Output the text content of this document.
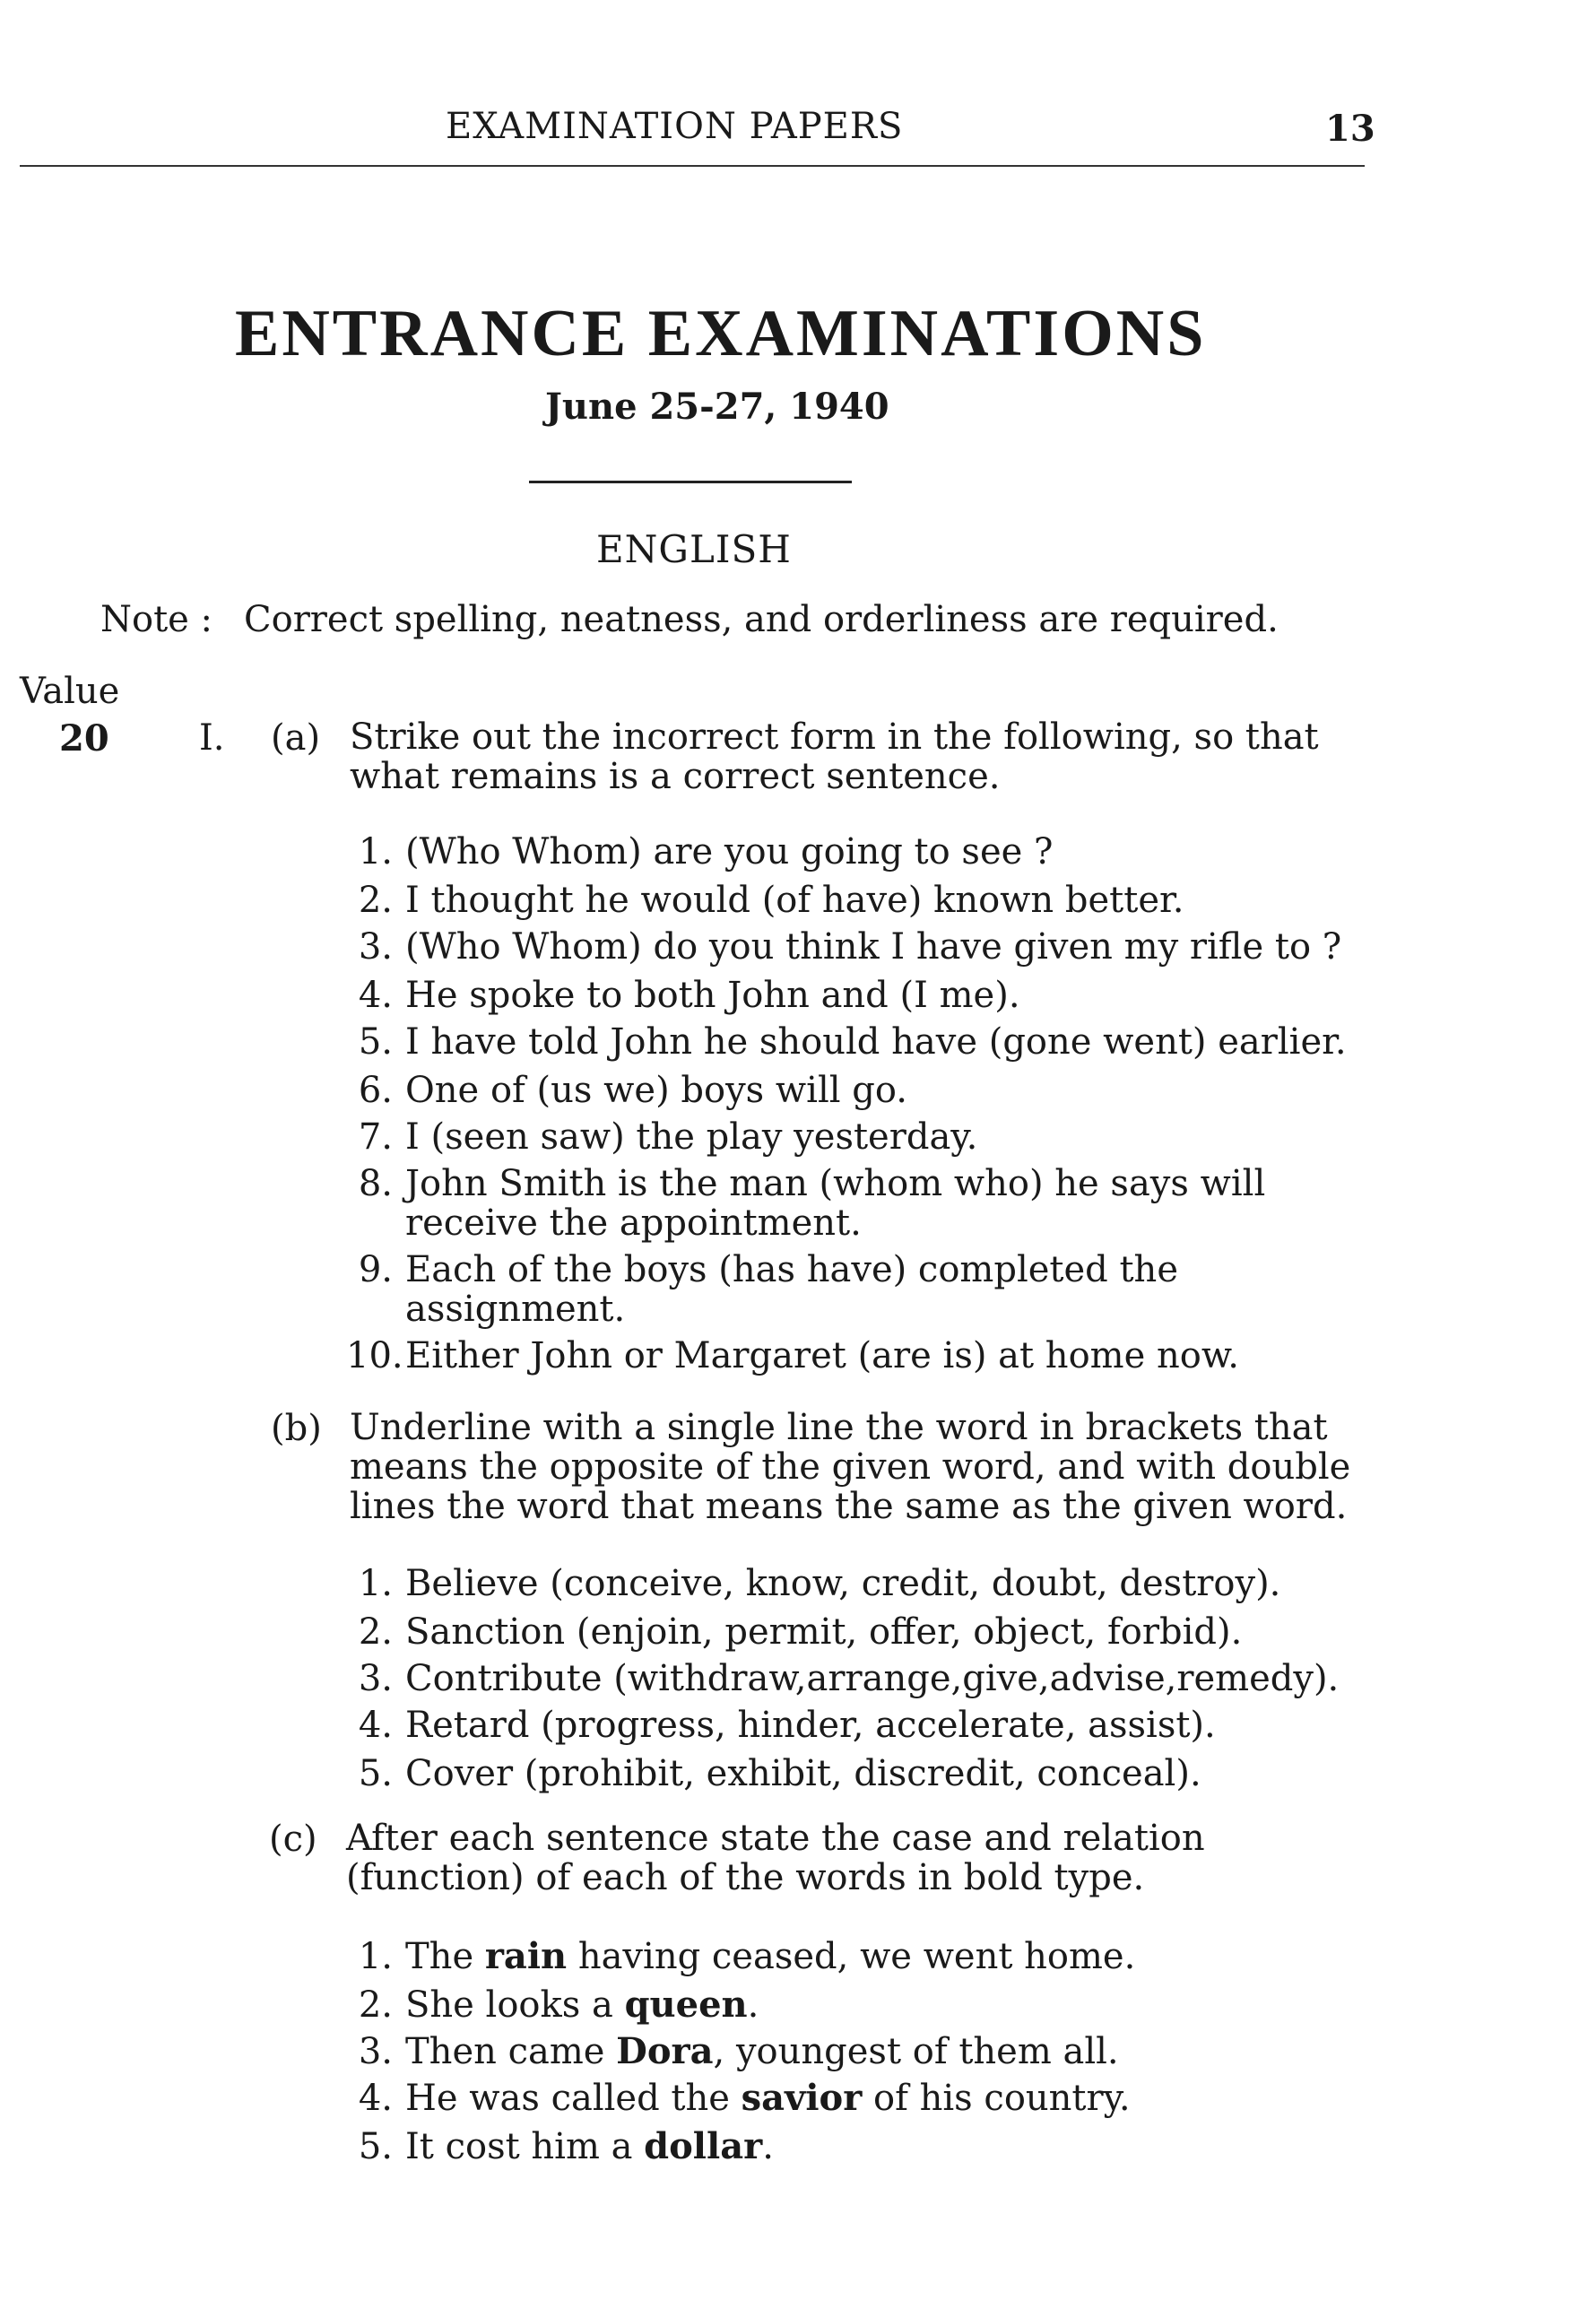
EXAMINATION PAPERS	13
ENTRANCE EXAMINATIONS
June 25-27, 1940
ENGLISH
Note : Correct spelling, neatness, and orderliness are required.
Value
20	I. (a) Strike out the incorrect form in the following, so that what remains is a correct sentence.
1. (Who Whom) are you going to see ?
2. I thought he would (of have) known better.
3. (Who Whom) do you think I have given my rifle to ?
4. He spoke to both John and (I me).
5. I have told John he should have (gone went) earlier.
6. One of (us we) boys will go.
7. I (seen saw) the play yesterday.
8. John Smith is the man (whom who) he says will receive the appointment.
9. Each of the boys (has have) completed the assignment.
10. Either John or Margaret (are is) at home now.
(b) Underline with a single line the word in brackets that means the opposite of the given word, and with double lines the word that means the same as the given word.
1. Believe (conceive, know, credit, doubt, destroy).
2. Sanction (enjoin, permit, offer, object, forbid).
3. Contribute (withdraw,arrange,give,advise,remedy).
4. Retard (progress, hinder, accelerate, assist).
5. Cover (prohibit, exhibit, discredit, conceal).
(c) After each sentence state the case and relation (function) of each of the words in bold type.
1. The rain having ceased, we went home.
2. She looks a queen.
3. Then came Dora, youngest of them all.
4. He was called the savior of his country.
5. It cost him a dollar.
